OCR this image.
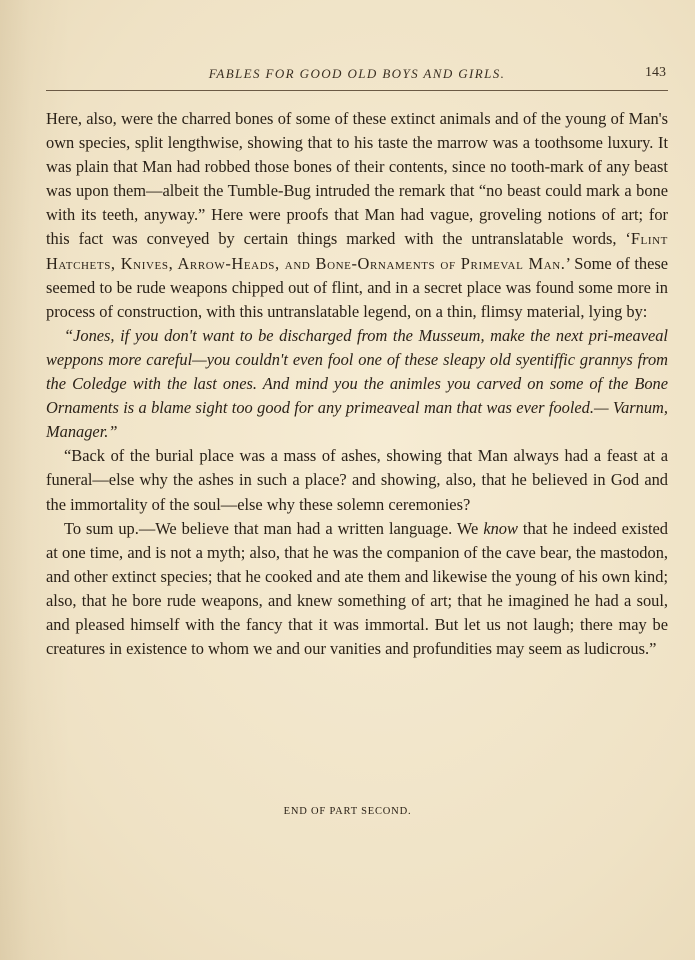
FABLES FOR GOOD OLD BOYS AND GIRLS.	143

Here, also, were the charred bones of some of these extinct animals and of the young of Man's own species, split lengthwise, showing that to his taste the marrow was a toothsome luxury. It was plain that Man had robbed those bones of their contents, since no tooth-mark of any beast was upon them—albeit the Tumble-Bug intruded the remark that “no beast could mark a bone with its teeth, anyway.” Here were proofs that Man had vague, groveling notions of art; for this fact was conveyed by certain things marked with the untranslatable words, ‘Flint Hatchets, Knives, Arrow-Heads, and Bone-Ornaments of Primeval Man.’ Some of these seemed to be rude weapons chipped out of flint, and in a secret place was found some more in process of construction, with this untranslatable legend, on a thin, flimsy material, lying by:

“Jones, if you don't want to be discharged from the Musseum, make the next pri-meaveal weppons more careful—you couldn't even fool one of these sleapy old syentiffic grannys from the Coledge with the last ones. And mind you the animles you carved on some of the Bone Ornaments is a blame sight too good for any primeaveal man that was ever fooled.— Varnum, Manager.”

“Back of the burial place was a mass of ashes, showing that Man always had a feast at a funeral—else why the ashes in such a place? and showing, also, that he believed in God and the immortality of the soul—else why these solemn ceremonies?

To sum up.—We believe that man had a written language. We know that he indeed existed at one time, and is not a myth; also, that he was the companion of the cave bear, the mastodon, and other extinct species; that he cooked and ate them and likewise the young of his own kind; also, that he bore rude weapons, and knew something of art; that he imagined he had a soul, and pleased himself with the fancy that it was immortal. But let us not laugh; there may be creatures in existence to whom we and our vanities and profundities may seem as ludicrous.”

END OF PART SECOND.
